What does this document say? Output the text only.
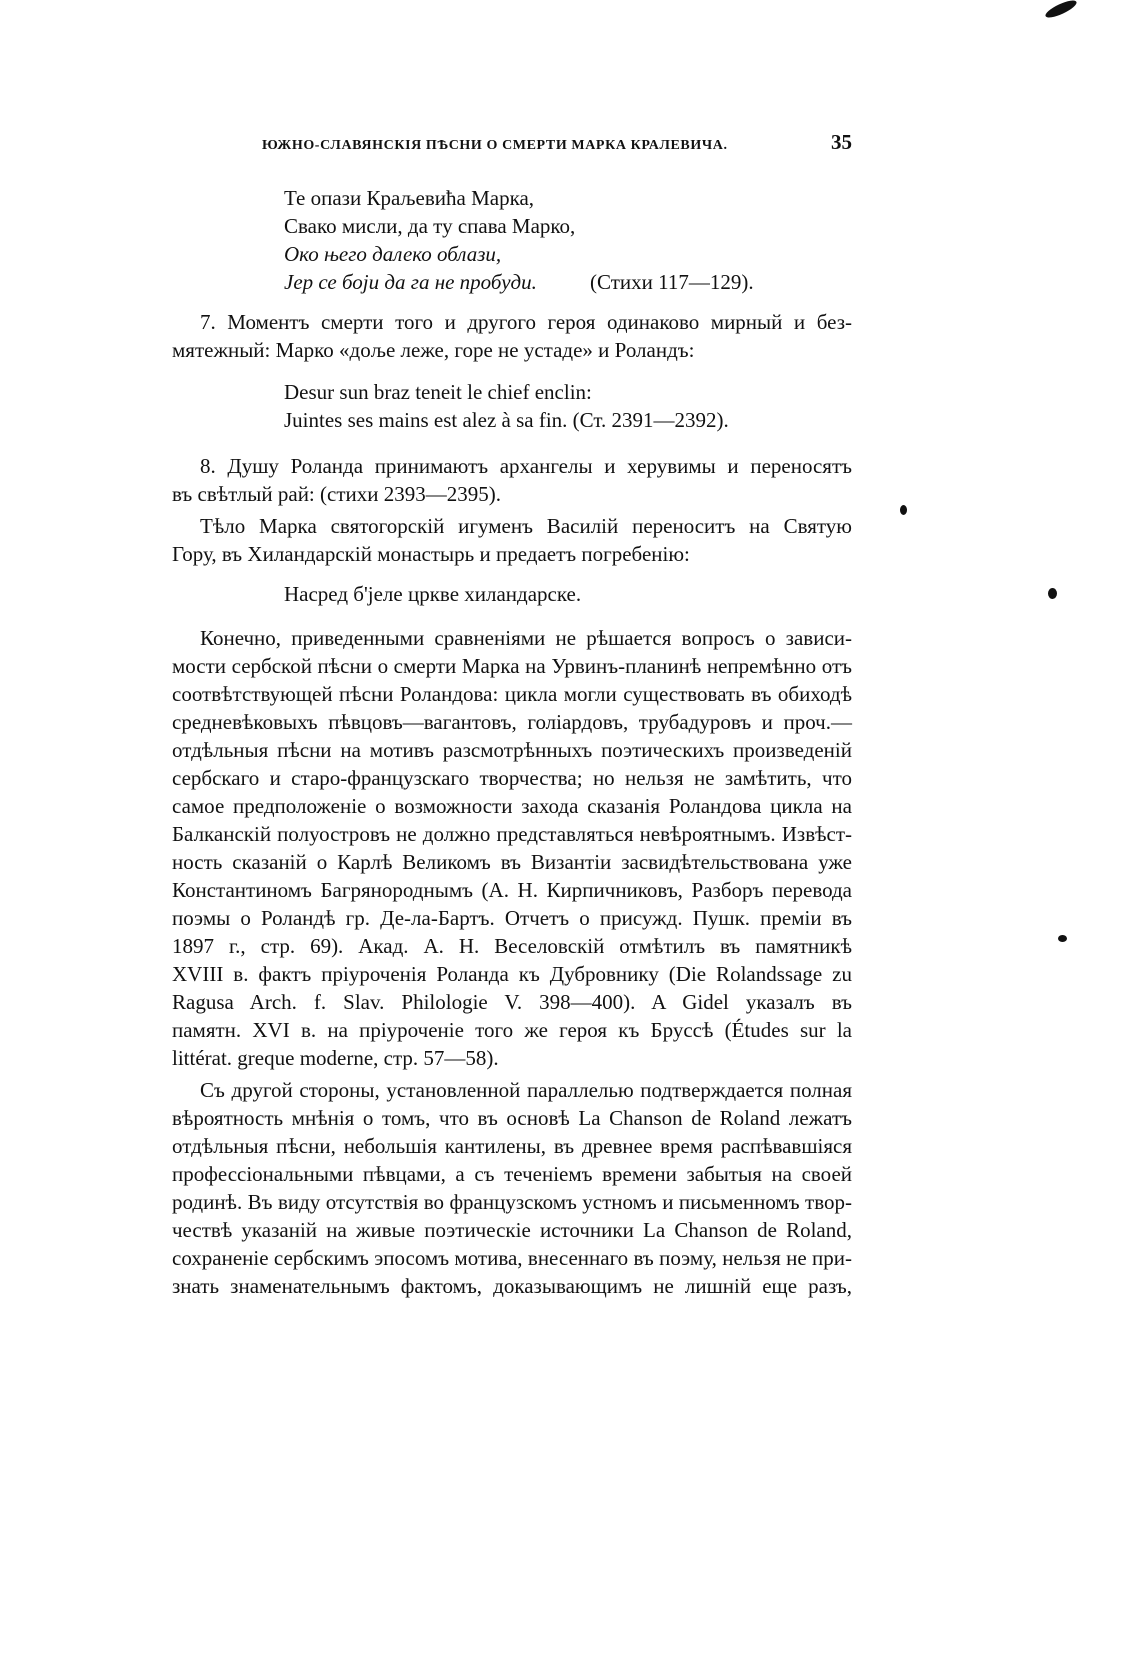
ЮЖНО-СЛАВЯНСКІЯ ПѢСНИ О СМЕРТИ МАРКА КРАЛЕВИЧА.	35
Те опази Краљевића Марка,
Свако мисли, да ту спава Марко,
Око њего далеко облази,
Јер се боји да га не пробуди.	(Стихи 117—129).
7. Моментъ смерти того и другого героя одинаково мирный и без-
мятежный: Марко «доље леже, горе не устаде» и Роландъ:
Desur sun braz teneit le chief enclin:
Juintes ses mains est alez à sa fin. (Ст. 2391—2392).
8. Душу Роланда принимаютъ архангелы и херувимы и переносятъ
въ свѣтлый рай: (стихи 2393—2395).
Тѣло Марка святогорскій игуменъ Василій переноситъ на Святую
Гору, въ Хиландарскій монастырь и предаетъ погребенію:
Насред б'јеле цркве хиландарске.
Конечно, приведенными сравненіями не рѣшается вопросъ о зависи-
мости сербской пѣсни о смерти Марка на Урвинъ-планинѣ непремѣнно отъ
соотвѣтствующей пѣсни Роландова: цикла могли существовать въ обиходѣ
средневѣковыхъ пѣвцовъ—вагантовъ, голіардовъ, трубадуровъ и проч.—
отдѣльныя пѣсни на мотивъ разсмотрѣнныхъ поэтическихъ произведеній
сербскаго и старо-французскаго творчества; но нельзя не замѣтить, что
самое предположеніе о возможности захода сказанія Роландова цикла на
Балканскій полуостровъ не должно представляться невѣроятнымъ. Извѣст-
ность сказаній о Карлѣ Великомъ въ Византіи засвидѣтельствована уже
Константиномъ Багрянороднымъ (А. Н. Кирпичниковъ, Разборъ перевода
поэмы о Роландѣ гр. Де-ла-Бартъ. Отчетъ о присужд. Пушк. преміи въ
1897 г., стр. 69). Акад. А. Н. Веселовскій отмѣтилъ въ памятникѣ
XVIII в. фактъ пріуроченія Роланда къ Дубровнику (Die Rolandssage zu
Ragusa Arch. f. Slav. Philologie V. 398—400). A Gidel указалъ въ
памятн. XVI в. на пріуроченіе того же героя къ Бруссѣ (Études sur la
littérat. greque moderne, стр. 57—58).
Съ другой стороны, установленной параллелью подтверждается полная
вѣроятность мнѣнія о томъ, что въ основѣ La Chanson de Roland лежатъ
отдѣльныя пѣсни, небольшія кантилены, въ древнее время распѣвавшіяся
профессіональными пѣвцами, а съ теченіемъ времени забытыя на своей
родинѣ. Въ виду отсутствія во французскомъ устномъ и письменномъ твор-
чествѣ указаній на живые поэтическіе источники La Chanson de Roland,
сохраненіе сербскимъ эпосомъ мотива, внесеннаго въ поэму, нельзя не при-
знать знаменательнымъ фактомъ, доказывающимъ не лишній еще разъ,
